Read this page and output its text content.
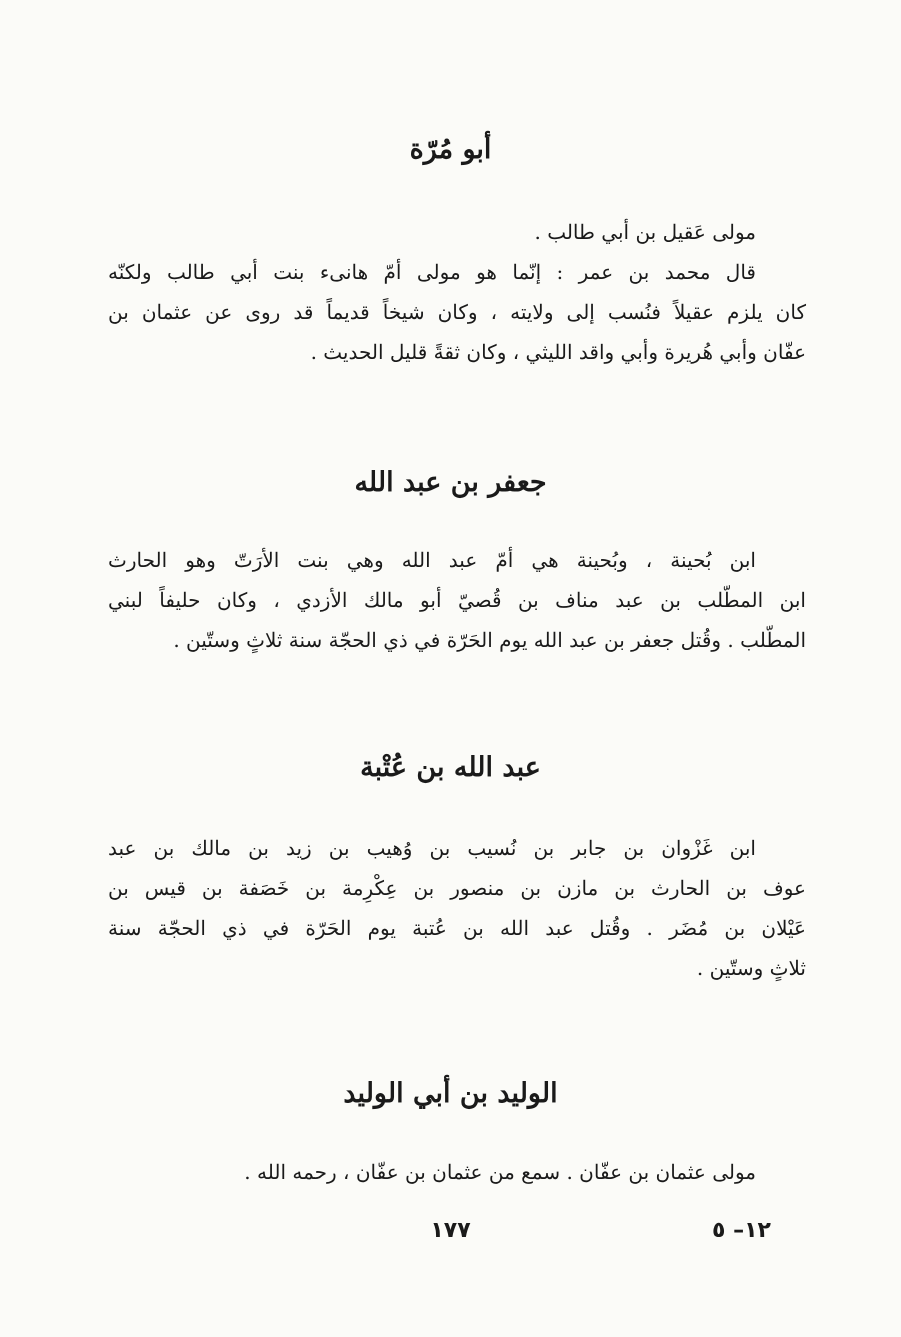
أبو مُرّة
مولى عَقيل بن أبي طالب .
قال محمد بن عمر : إنّما هو مولى أمّ هانىء بنت أبي طالب ولكنّه
كان يلزم عقيلاً فنُسب إلى ولايته ، وكان شيخاً قديماً قد روى عن عثمان بن
عفّان وأبي هُريرة وأبي واقد الليثي ، وكان ثقةً قليل الحديث .
جعفر بن عبد الله
ابن بُحينة ، وبُحينة هي أمّ عبد الله وهي بنت الأرَتّ وهو الحارث
ابن المطّلب بن عبد مناف بن قُصيّ أبو مالك الأزدي ، وكان حليفاً لبني
المطّلب . وقُتل جعفر بن عبد الله يوم الحَرّة في ذي الحجّة سنة ثلاثٍ وستّين .
عبد الله بن عُتْبة
ابن غَزْوان بن جابر بن نُسيب بن وُهيب بن زيد بن مالك بن عبد
عوف بن الحارث بن مازن بن منصور بن عِكْرِمة بن خَصَفة بن قيس بن
عَيْلان بن مُضَر . وقُتل عبد الله بن عُتبة يوم الحَرّة في ذي الحجّة سنة
ثلاثٍ وستّين .
الوليد بن أبي الوليد
مولى عثمان بن عفّان . سمع من عثمان بن عفّان ، رحمه الله .
١٧٧	١٢– ٥
